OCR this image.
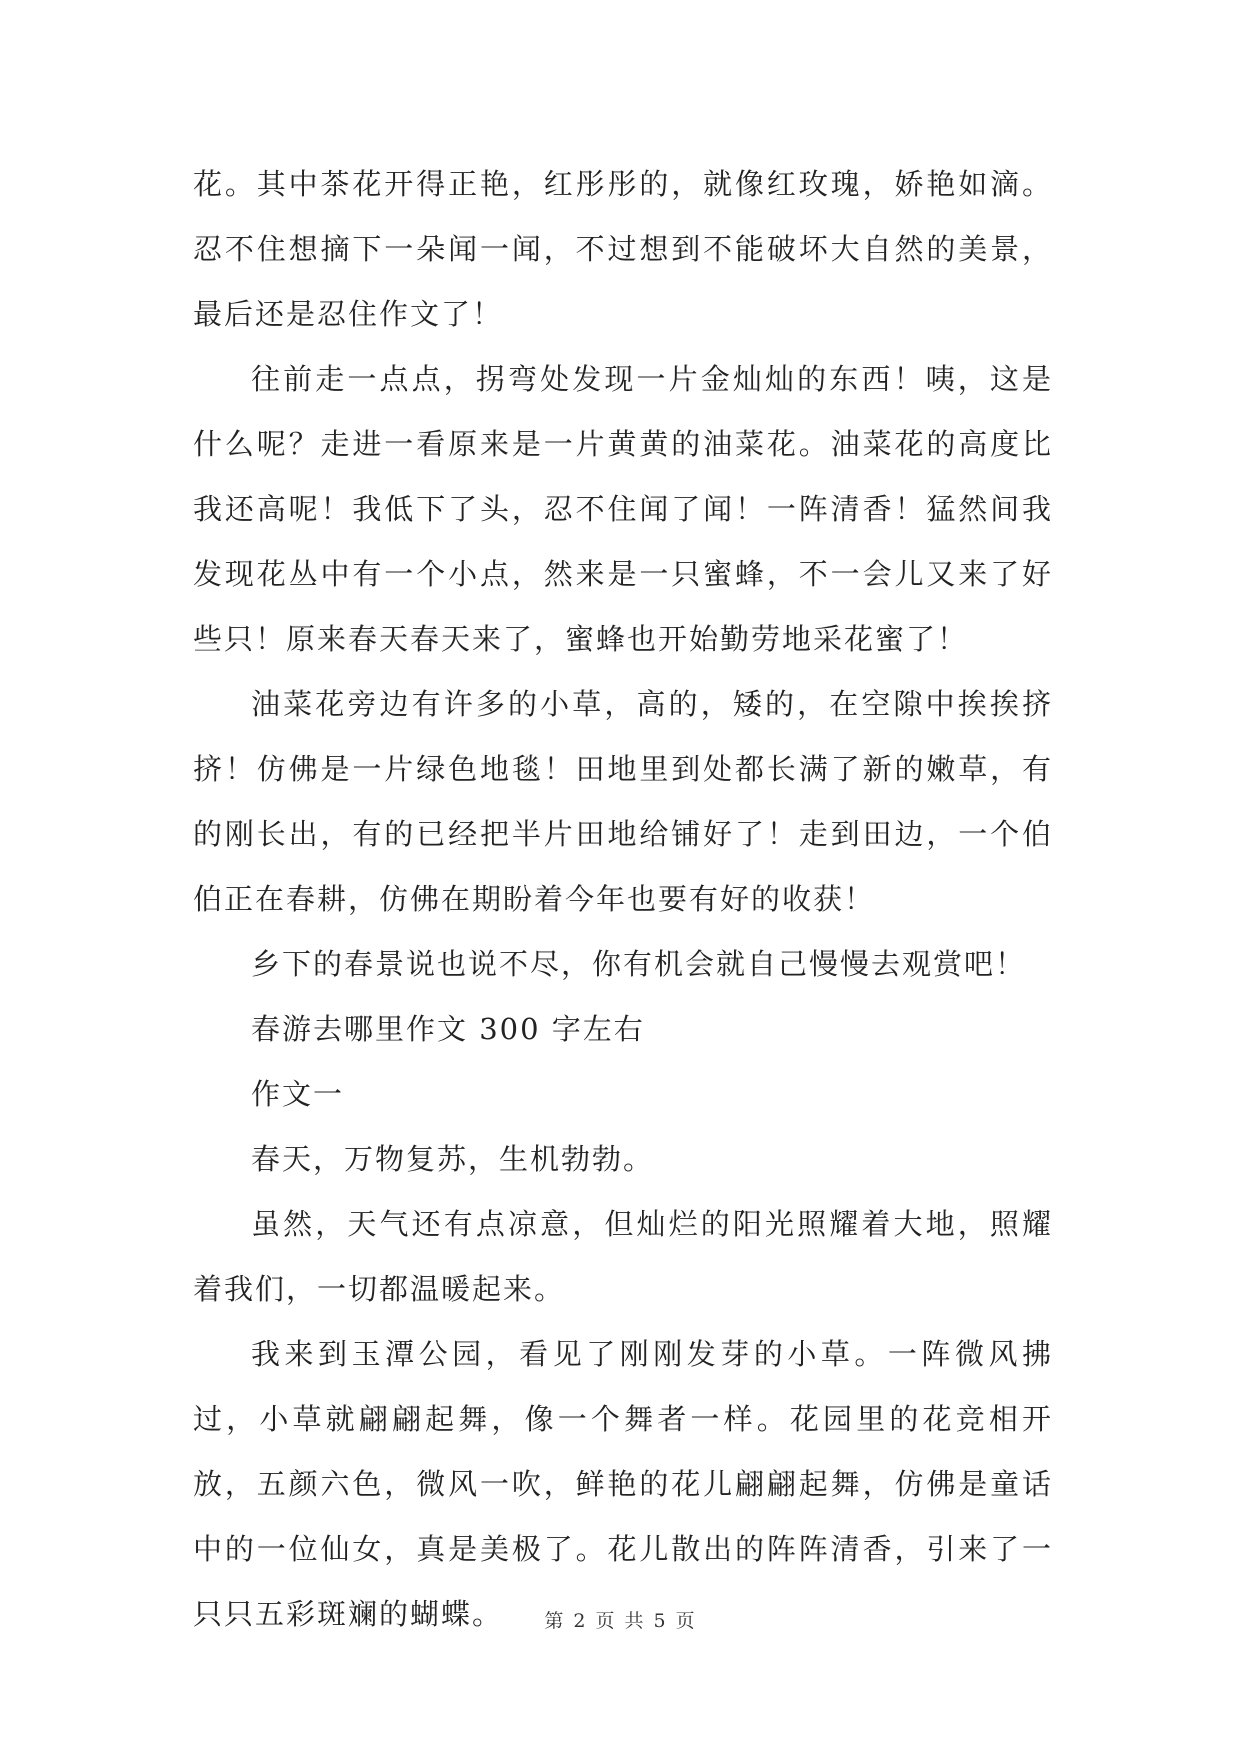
花。其中茶花开得正艳，红彤彤的，就像红玫瑰，娇艳如滴。忍不住想摘下一朵闻一闻，不过想到不能破坏大自然的美景，最后还是忍住作文了！

往前走一点点，拐弯处发现一片金灿灿的东西！咦，这是什么呢？走进一看原来是一片黄黄的油菜花。油菜花的高度比我还高呢！我低下了头，忍不住闻了闻！一阵清香！猛然间我发现花丛中有一个小点，然来是一只蜜蜂，不一会儿又来了好些只！原来春天春天来了，蜜蜂也开始勤劳地采花蜜了！

油菜花旁边有许多的小草，高的，矮的，在空隙中挨挨挤挤！仿佛是一片绿色地毯！田地里到处都长满了新的嫩草，有的刚长出，有的已经把半片田地给铺好了！走到田边，一个伯伯正在春耕，仿佛在期盼着今年也要有好的收获！

乡下的春景说也说不尽，你有机会就自己慢慢去观赏吧！

春游去哪里作文 300 字左右

作文一

春天，万物复苏，生机勃勃。

虽然，天气还有点凉意，但灿烂的阳光照耀着大地，照耀着我们，一切都温暖起来。

我来到玉潭公园，看见了刚刚发芽的小草。一阵微风拂过，小草就翩翩起舞，像一个舞者一样。花园里的花竞相开放，五颜六色，微风一吹，鲜艳的花儿翩翩起舞，仿佛是童话中的一位仙女，真是美极了。花儿散出的阵阵清香，引来了一只只五彩斑斓的蝴蝶。	第 2 页 共 5 页
